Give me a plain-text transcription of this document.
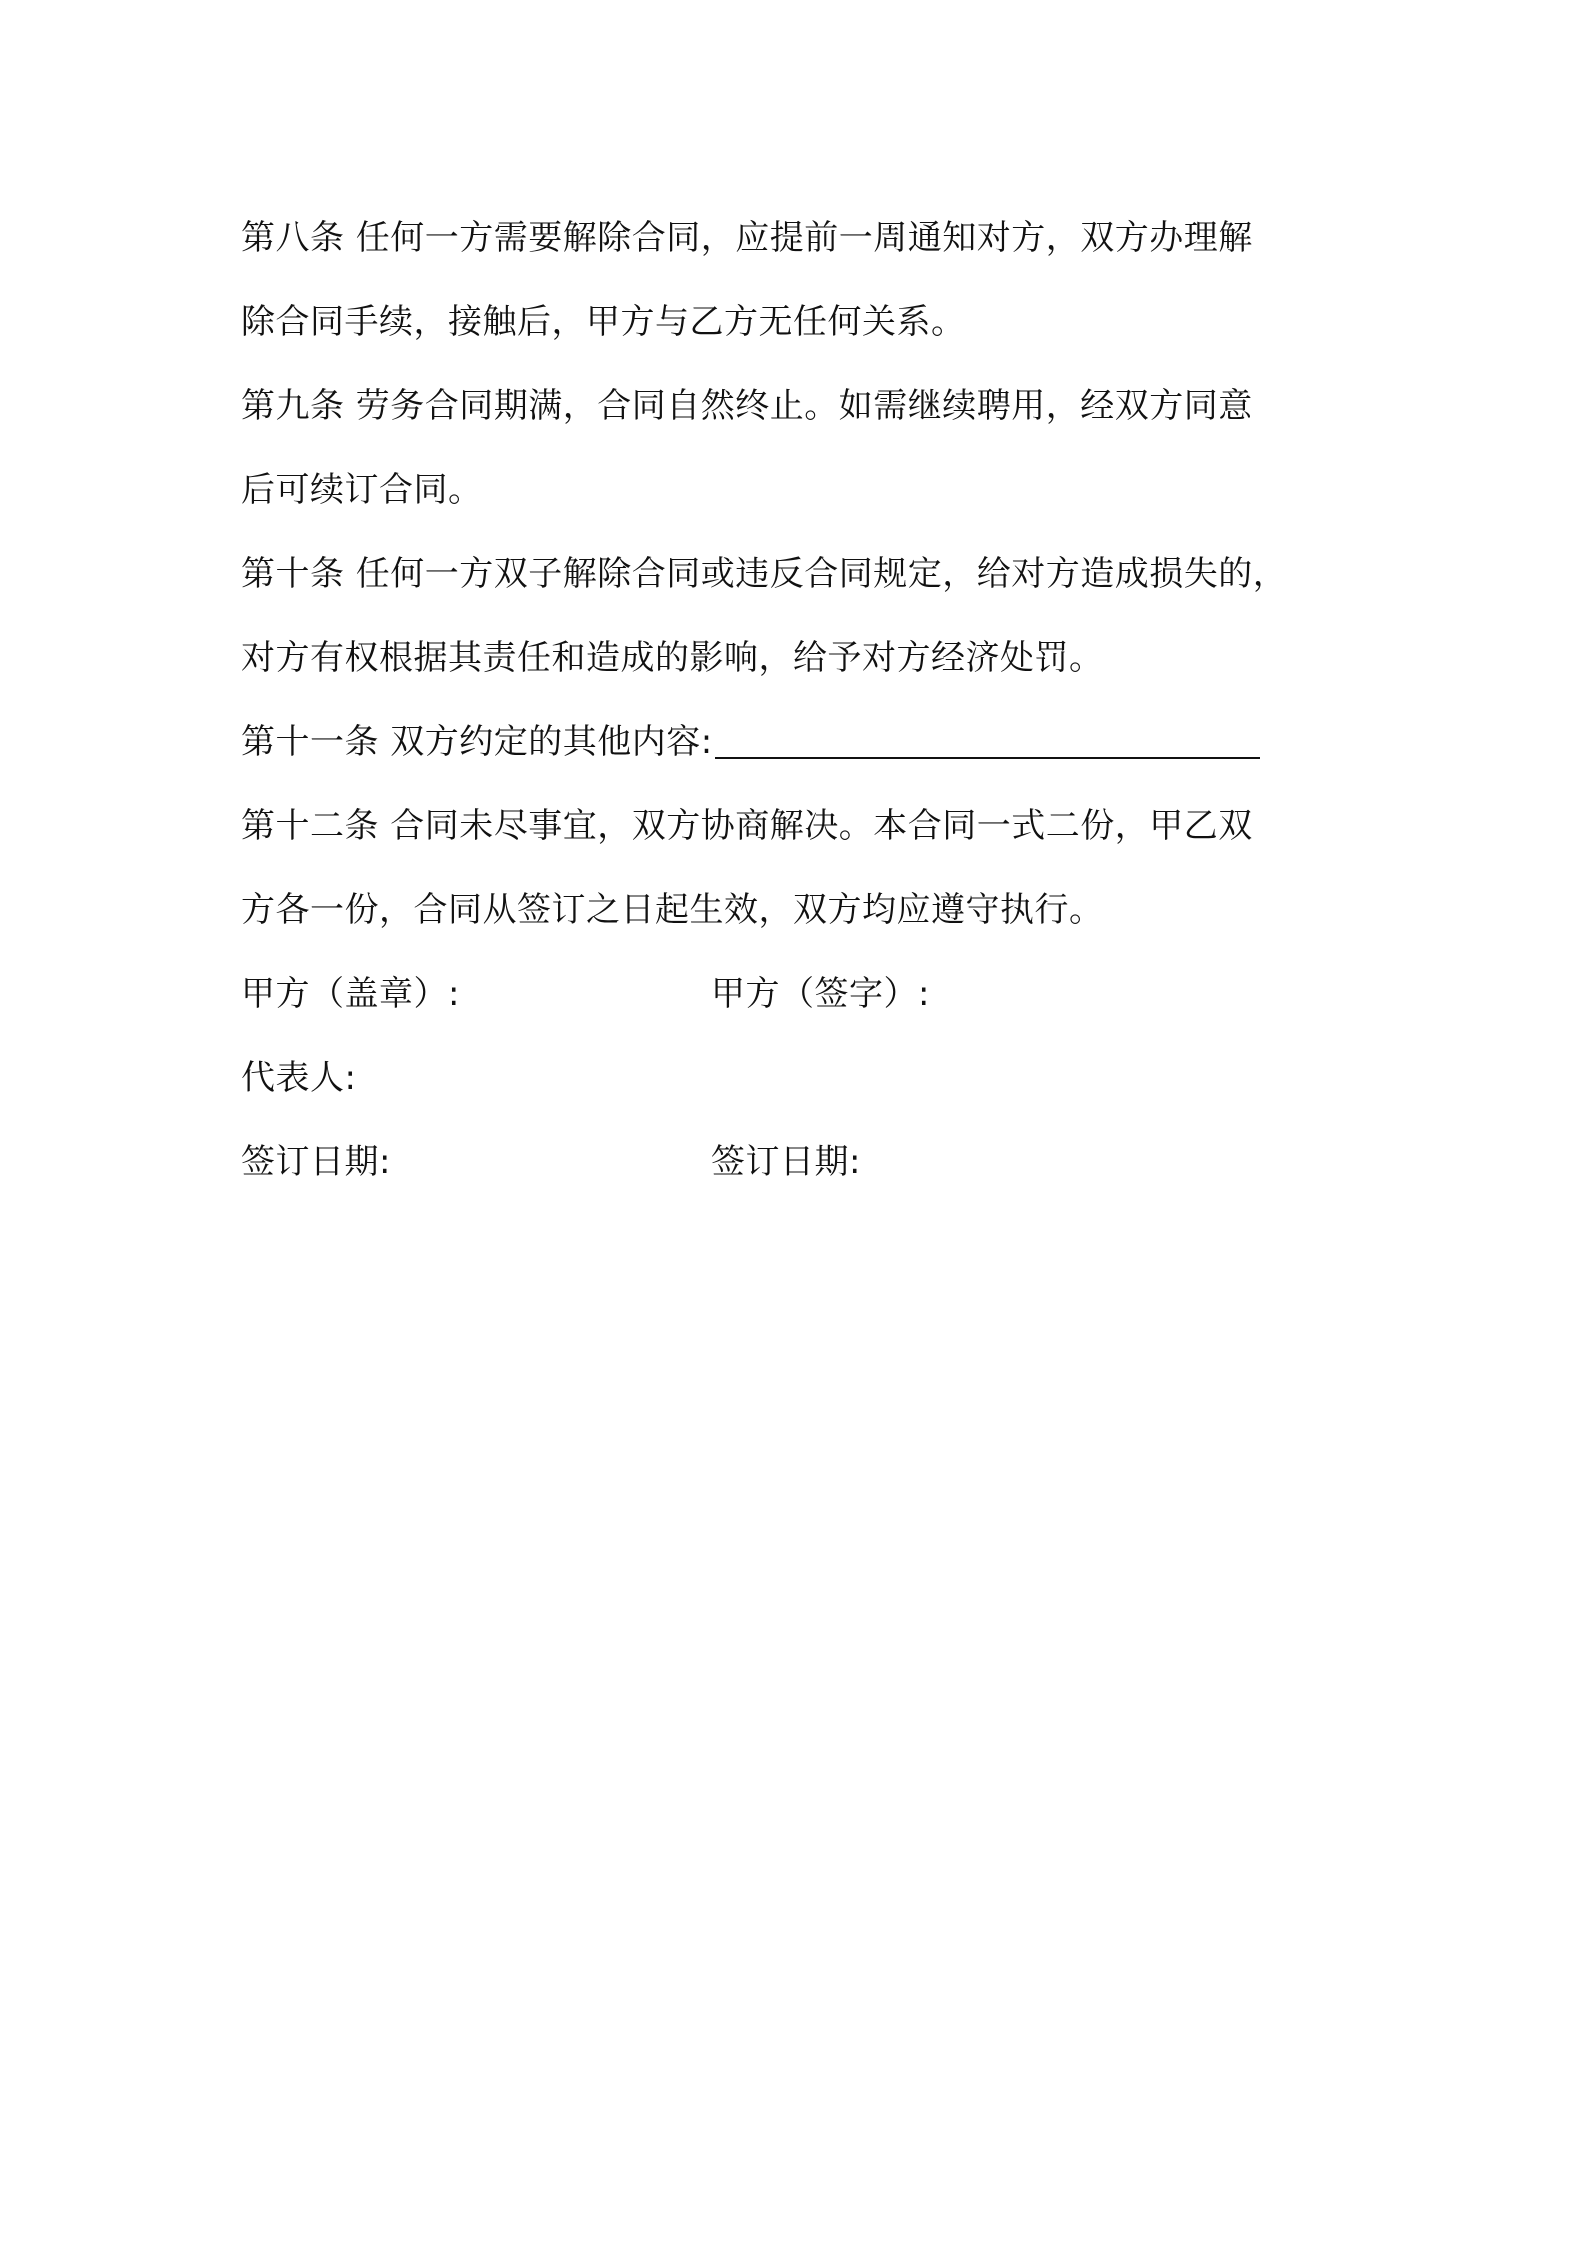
第八条 任何一方需要解除合同，应提前一周通知对方，双方办理解
除合同手续，接触后，甲方与乙方无任何关系。
第九条 劳务合同期满，合同自然终止。如需继续聘用，经双方同意
后可续订合同。
第十条 任何一方双子解除合同或违反合同规定，给对方造成损失的，
对方有权根据其责任和造成的影响，给予对方经济处罚。
第十一条 双方约定的其他内容:
第十二条 合同未尽事宜，双方协商解决。本合同一式二份，甲乙双
方各一份，合同从签订之日起生效，双方均应遵守执行。
甲方（盖章）:	甲方（签字）:
代表人:
签订日期:	签订日期:
